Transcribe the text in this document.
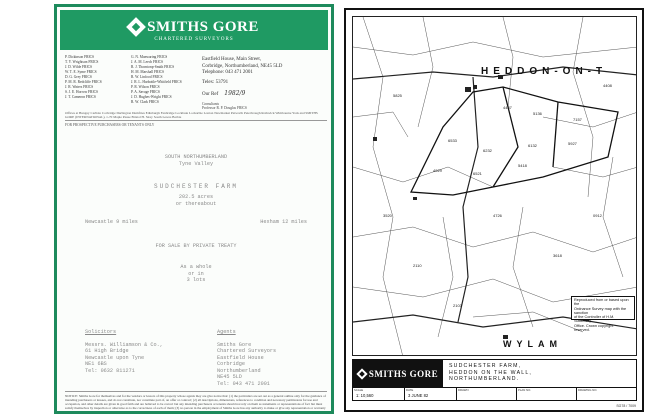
SMITHS GORE
CHARTERED SURVEYORS
P. Dickinson FRICS
T. Y. Wrightson FRICS
J. D. Wilde FRICS
W. T. E. Syme FRICS
D. G. Grey FRICS
P. M. R. Redcliffe FRICS
J. R. Waters FRICS
S. J. E. Horrow FRICS
J. T. Cameron FRICS
G. N. Manwaring FRICS
J. A. M. Leech FRICS
R. J. Thorntonp-Smith FRICS
H. M. Marshall FRICS
R. W. Linfood FRICS
J. R. L. Harbottle-Whitfield FRICS
P. R. Wilson FRICS
P. A. Savage FRICS
J. D. Hughes-Wright FRICS
R. W. Clark FRICS
Eastfield House, Main Street,
Corbridge, Northumberland, NE45 5LD
Telephone: 043 471 2001
Telex: 53791
Our Ref 1982/9
Consultants
Professor R. P. Douglas FRICS
Offices at Bungay Carlisle Corbridge Darlington Dumfries Edinburgh Fenbridge Lockbuie Lockarbie Lonton Newmarket Petworth Peterbrough Rothwick Wimbourne York and SMITHS GORE (INTERNATIONAL), 1-70 Maple Pause Bristol H. Strey South Lewes Barbie
FOR PROSPECTIVE PURCHASERS OR TENANTS ONLY
SOUTH NORTHUMBERLAND
Tyne Valley
SUDCHESTER FARM
202.5 acres
or thereabout
Newcastle 9 miles	Hexham 12 miles
FOR SALE BY PRIVATE TREATY
As a whole
or in
3 lots
Solicitors
Messrs. Williamson & Co.,
61 High Bridge
Newcastle upon Tyne
NE1 6BS
Tel: 0632 811271
Agents
Smiths Gore
Chartered Surveyors
Eastfield House
Corbridge
Northumberland
NE45 5LD
Tel: 043 471 2001
NOTICE: Smiths Gore for themselves and for the vendors or lessors of this property whose agents they are give notice that: (1) the particulars are set out as a general outline only for the guidance of intending purchasers or lessees, and do not constitute, nor constitute part of, an offer or contract; (2) all descriptions, dimensions, references to condition and necessary permissions for use and occupation, and other details are given in good faith and are believed to be correct but any intending purchasers or tenants should not rely on them as statements or representations of fact but must satisfy themselves by inspection or otherwise as to the correctness of each of them; (3) no person in the employment of Smiths Gore has any authority to make or give any representation or warranty whatever in relation to this property.
4437
5136
7157
6533
6232
6132	5927
4929
6521
5418
5825
3520	4726
3618
2110
4408
2103
0912
HEDDON-ON-T
WYLAM
Reproduced from or based upon the
Ordnance Survey map with the sanction
of the Controller of H.M. Stationery
Office. Crown copyright
reserved.
SMITHS GORE
SUDCHESTER FARM,
HEDDON ON THE WALL,
NORTHUMBERLAND.
SCALE
1: 10,560
DATE
3 JUNE 82
DRAWN	PLAN NO.	DRAWING NO.
SG78 / 7009
